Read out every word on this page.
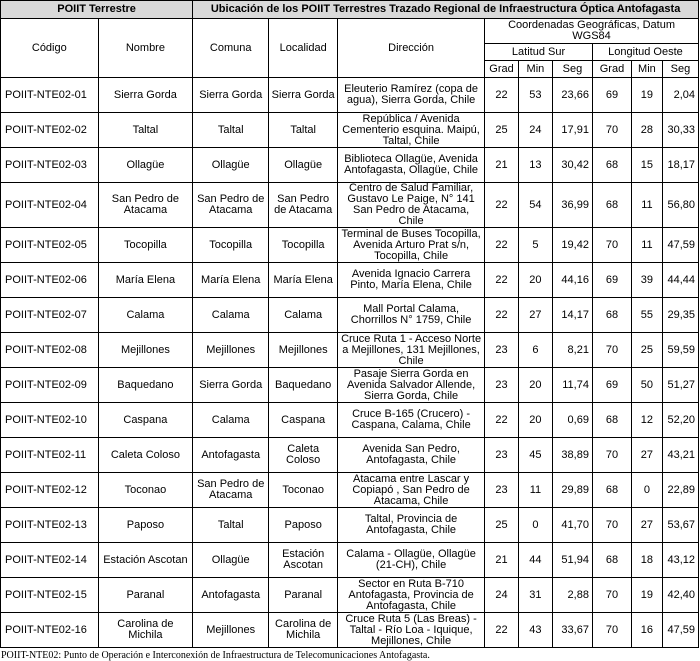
POIIT Terrestre		Ubicación de los POIIT Terrestres Trazado Regional de Infraestructura Óptica Antofagasta								
Código	Nombre	Comuna	Localidad	Dirección	Coordenadas Geográficas, Datum WGS84					
					Latitud Sur			Longitud Oeste		
					Grad	Min	Seg	Grad	Min	Seg
POIIT-NTE02-01	Sierra Gorda	Sierra Gorda	Sierra Gorda	Eleuterio Ramírez (copa de agua), Sierra Gorda, Chile	22	53	23,66	69	19	2,04
POIIT-NTE02-02	Taltal	Taltal	Taltal	República / Avenida Cementerio esquina. Maipú, Taltal, Chile	25	24	17,91	70	28	30,33
POIIT-NTE02-03	Ollagüe	Ollagüe	Ollagüe	Biblioteca Ollagüe, Avenida Antofagasta, Ollagüe, Chile	21	13	30,42	68	15	18,17
POIIT-NTE02-04	San Pedro de Atacama	San Pedro de Atacama	San Pedro de Atacama	Centro de Salud Familiar, Gustavo Le Paige, N° 141 San Pedro de Atacama, Chile	22	54	36,99	68	11	56,80
POIIT-NTE02-05	Tocopilla	Tocopilla	Tocopilla	Terminal de Buses Tocopilla, Avenida Arturo Prat s/n, Tocopilla, Chile	22	5	19,42	70	11	47,59
POIIT-NTE02-06	María Elena	María Elena	María Elena	Avenida Ignacio Carrera Pinto, María Elena, Chile	22	20	44,16	69	39	44,44
POIIT-NTE02-07	Calama	Calama	Calama	Mall Portal Calama, Chorrillos N° 1759, Chile	22	27	14,17	68	55	29,35
POIIT-NTE02-08	Mejillones	Mejillones	Mejillones	Cruce Ruta 1 - Acceso Norte a Mejillones, 131 Mejillones, Chile	23	6	8,21	70	25	59,59
POIIT-NTE02-09	Baquedano	Sierra Gorda	Baquedano	Pasaje Sierra Gorda en Avenida Salvador Allende, Sierra Gorda, Chile	23	20	11,74	69	50	51,27
POIIT-NTE02-10	Caspana	Calama	Caspana	Cruce B-165 (Crucero) - Caspana, Calama, Chile	22	20	0,69	68	12	52,20
POIIT-NTE02-11	Caleta Coloso	Antofagasta	Caleta Coloso	Avenida San Pedro, Antofagasta, Chile	23	45	38,89	70	27	43,21
POIIT-NTE02-12	Toconao	San Pedro de Atacama	Toconao	Atacama entre Lascar y Copiapó , San Pedro de Atacama, Chile	23	11	29,89	68	0	22,89
POIIT-NTE02-13	Paposo	Taltal	Paposo	Taltal, Provincia de Antofagasta, Chile	25	0	41,70	70	27	53,67
POIIT-NTE02-14	Estación Ascotan	Ollagüe	Estación Ascotan	Calama - Ollagüe, Ollagüe (21-CH), Chile	21	44	51,94	68	18	43,12
POIIT-NTE02-15	Paranal	Antofagasta	Paranal	Sector en Ruta B-710 Antofagasta, Provincia de Antofagasta, Chile	24	31	2,88	70	19	42,40
POIIT-NTE02-16	Carolina de Michila	Mejillones	Carolina de Michila	Cruce Ruta 5 (Las Breas) - Taltal - Río Loa - Iquique, Mejillones, Chile	22	43	33,67	70	16	47,59
POIIT-NTE02: Punto de Operación e Interconexión de Infraestructura de Telecomunicaciones Antofagasta.
